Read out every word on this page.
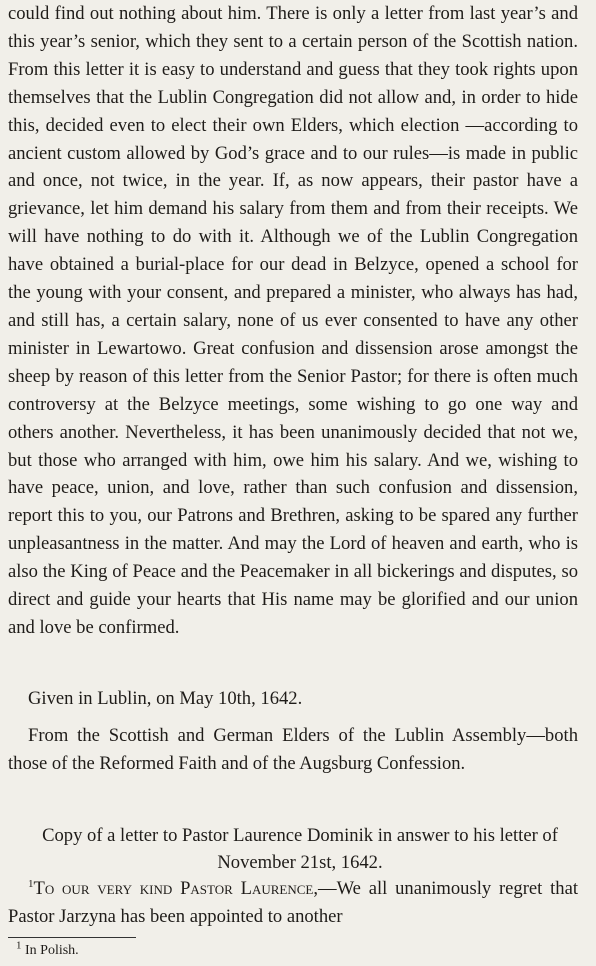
could find out nothing about him. There is only a letter from last year’s and this year’s senior, which they sent to a certain person of the Scottish nation. From this letter it is easy to understand and guess that they took rights upon themselves that the Lublin Congregation did not allow and, in order to hide this, decided even to elect their own Elders, which election —according to ancient custom allowed by God’s grace and to our rules—is made in public and once, not twice, in the year. If, as now appears, their pastor have a grievance, let him demand his salary from them and from their receipts. We will have nothing to do with it. Although we of the Lublin Congregation have obtained a burial-place for our dead in Belzyce, opened a school for the young with your consent, and prepared a minister, who always has had, and still has, a certain salary, none of us ever consented to have any other minister in Lewartowo. Great confusion and dissension arose amongst the sheep by reason of this letter from the Senior Pastor; for there is often much controversy at the Belzyce meetings, some wishing to go one way and others another. Nevertheless, it has been unanimously decided that not we, but those who arranged with him, owe him his salary. And we, wishing to have peace, union, and love, rather than such confusion and dissension, report this to you, our Patrons and Brethren, asking to be spared any further unpleasantness in the matter. And may the Lord of heaven and earth, who is also the King of Peace and the Peacemaker in all bickerings and disputes, so direct and guide your hearts that His name may be glorified and our union and love be confirmed.

Given in Lublin, on May 10th, 1642.

From the Scottish and German Elders of the Lublin Assembly—both those of the Reformed Faith and of the Augsburg Confession.

Copy of a letter to Pastor Laurence Dominik in answer to his letter of November 21st, 1642.

$^1$To our very kind Pastor Laurence,—We all unanimously regret that Pastor Jarzyna has been appointed to another

$^1$ In Polish.
